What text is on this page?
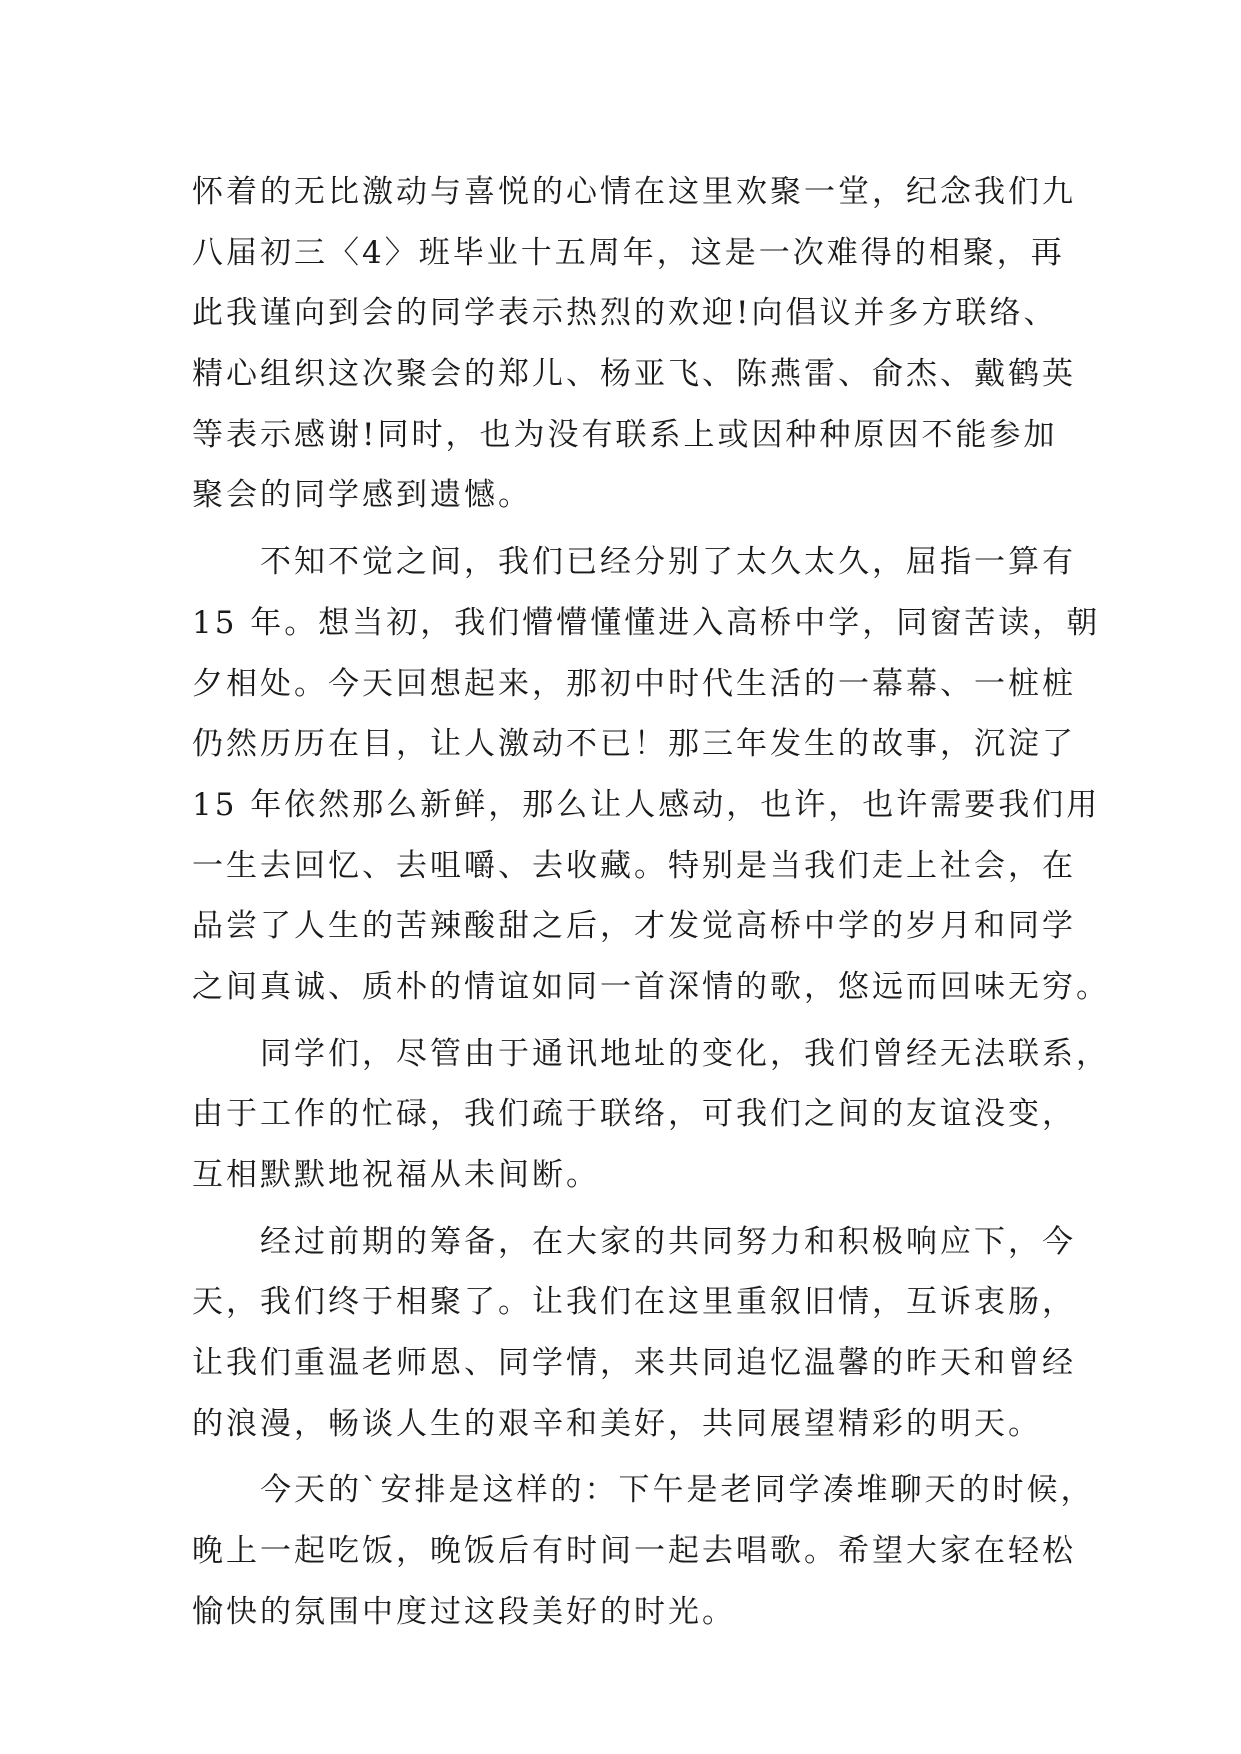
怀着的无比激动与喜悦的心情在这里欢聚一堂，纪念我们九
八届初三〈4〉班毕业十五周年，这是一次难得的相聚，再
此我谨向到会的同学表示热烈的欢迎!向倡议并多方联络、
精心组织这次聚会的郑儿、杨亚飞、陈燕雷、俞杰、戴鹤英
等表示感谢!同时，也为没有联系上或因种种原因不能参加
聚会的同学感到遗憾。
　　不知不觉之间，我们已经分别了太久太久，屈指一算有
15 年。想当初，我们懵懵懂懂进入高桥中学，同窗苦读，朝
夕相处。今天回想起来，那初中时代生活的一幕幕、一桩桩
仍然历历在目，让人激动不已！那三年发生的故事，沉淀了
15 年依然那么新鲜，那么让人感动，也许，也许需要我们用
一生去回忆、去咀嚼、去收藏。特别是当我们走上社会，在
品尝了人生的苦辣酸甜之后，才发觉高桥中学的岁月和同学
之间真诚、质朴的情谊如同一首深情的歌，悠远而回味无穷。
　　同学们，尽管由于通讯地址的变化，我们曾经无法联系，
由于工作的忙碌，我们疏于联络，可我们之间的友谊没变，
互相默默地祝福从未间断。
　　经过前期的筹备，在大家的共同努力和积极响应下，今
天，我们终于相聚了。让我们在这里重叙旧情，互诉衷肠，
让我们重温老师恩、同学情，来共同追忆温馨的昨天和曾经
的浪漫，畅谈人生的艰辛和美好，共同展望精彩的明天。
　　今天的`安排是这样的：下午是老同学凑堆聊天的时候，
晚上一起吃饭，晚饭后有时间一起去唱歌。希望大家在轻松
愉快的氛围中度过这段美好的时光。
